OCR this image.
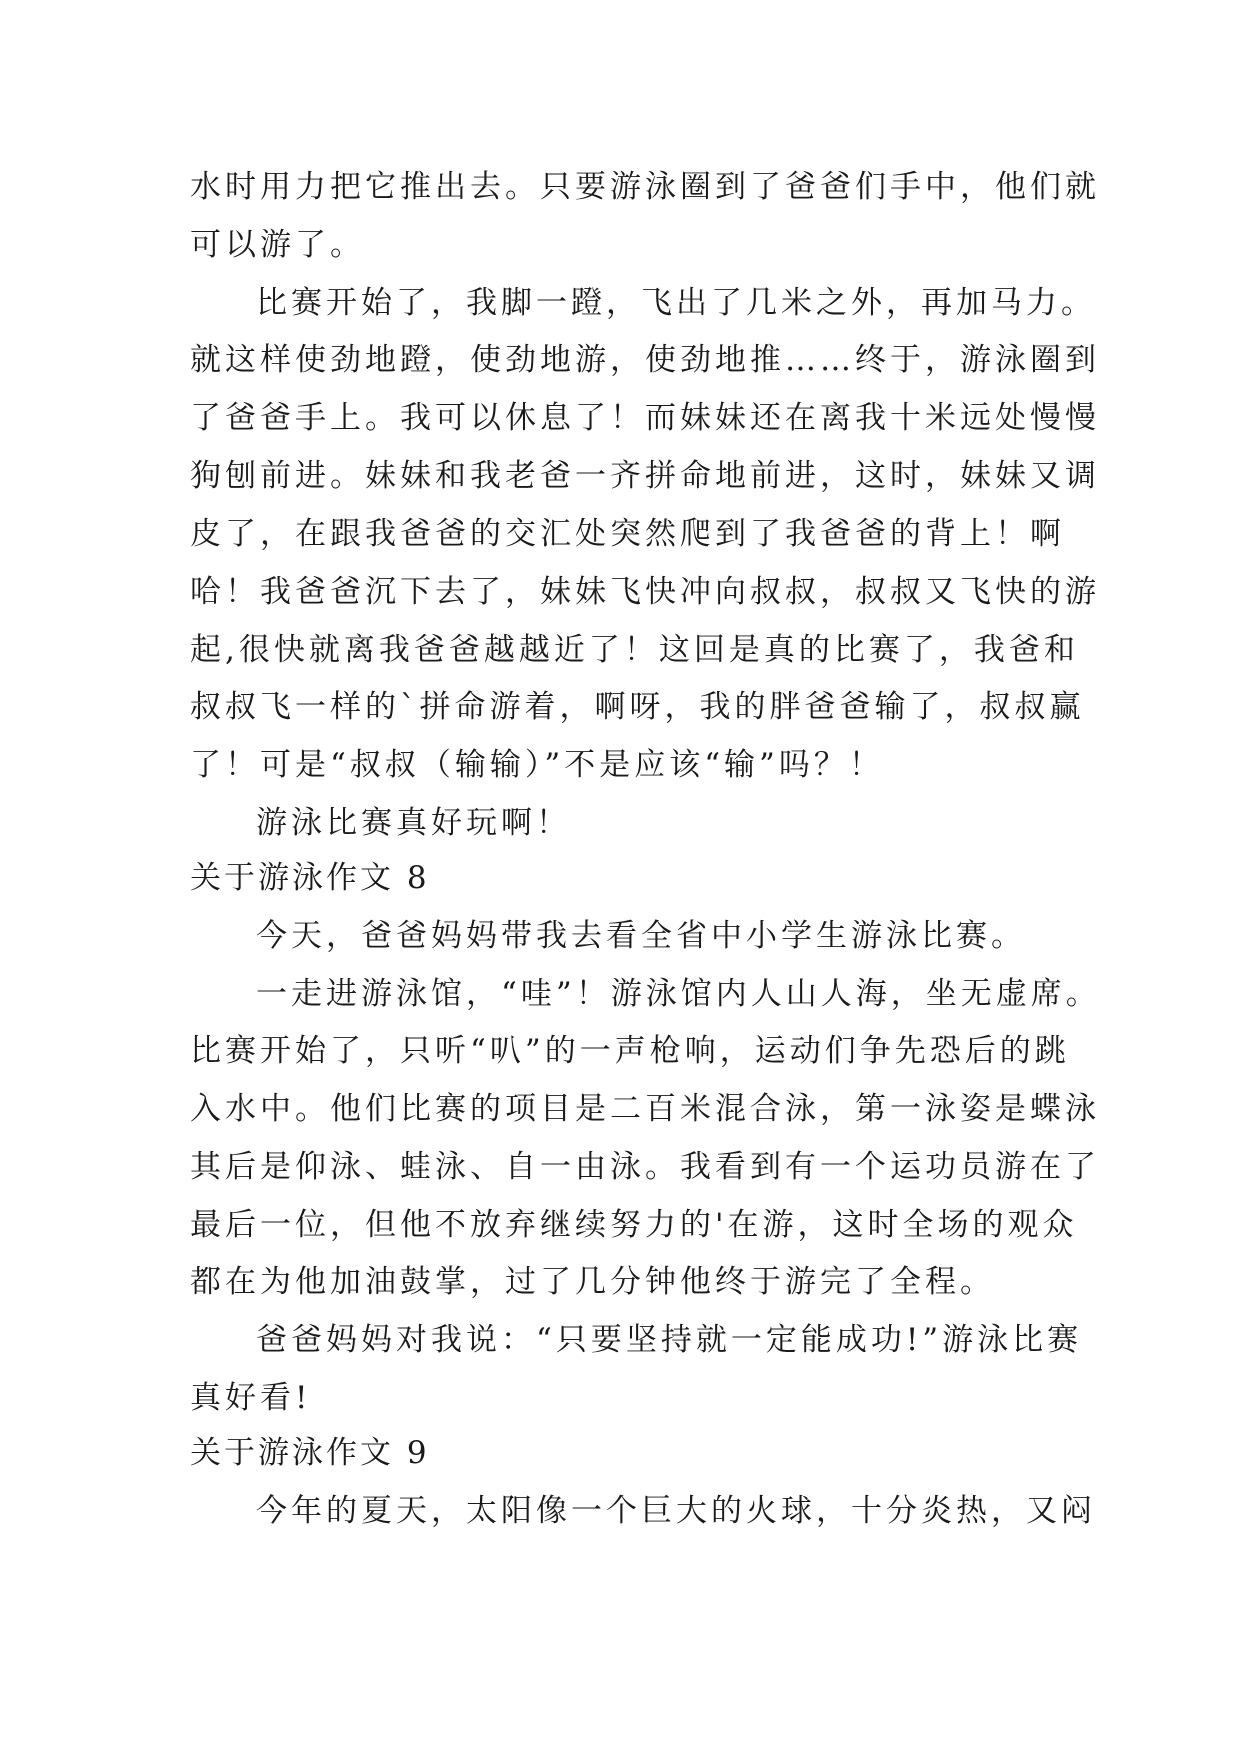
水时用力把它推出去。只要游泳圈到了爸爸们手中，他们就
可以游了。
比赛开始了，我脚一蹬，飞出了几米之外，再加马力。
就这样使劲地蹬，使劲地游，使劲地推……终于，游泳圈到
了爸爸手上。我可以休息了！而妹妹还在离我十米远处慢慢
狗刨前进。妹妹和我老爸一齐拼命地前进，这时，妹妹又调
皮了，在跟我爸爸的交汇处突然爬到了我爸爸的背上！啊
哈！我爸爸沉下去了，妹妹飞快冲向叔叔，叔叔又飞快的游
起,很快就离我爸爸越越近了！这回是真的比赛了，我爸和
叔叔飞一样的`拼命游着，啊呀，我的胖爸爸输了，叔叔赢
了！可是“叔叔（输输）”不是应该“输”吗？！
游泳比赛真好玩啊！
关于游泳作文 8
今天，爸爸妈妈带我去看全省中小学生游泳比赛。
一走进游泳馆，“哇”！游泳馆内人山人海，坐无虚席。
比赛开始了，只听“叭”的一声枪响，运动们争先恐后的跳
入水中。他们比赛的项目是二百米混合泳，第一泳姿是蝶泳
其后是仰泳、蛙泳、自一由泳。我看到有一个运功员游在了
最后一位，但他不放弃继续努力的'在游，这时全场的观众
都在为他加油鼓掌，过了几分钟他终于游完了全程。
爸爸妈妈对我说：“只要坚持就一定能成功!”游泳比赛
真好看!
关于游泳作文 9
今年的夏天，太阳像一个巨大的火球，十分炎热，又闷
